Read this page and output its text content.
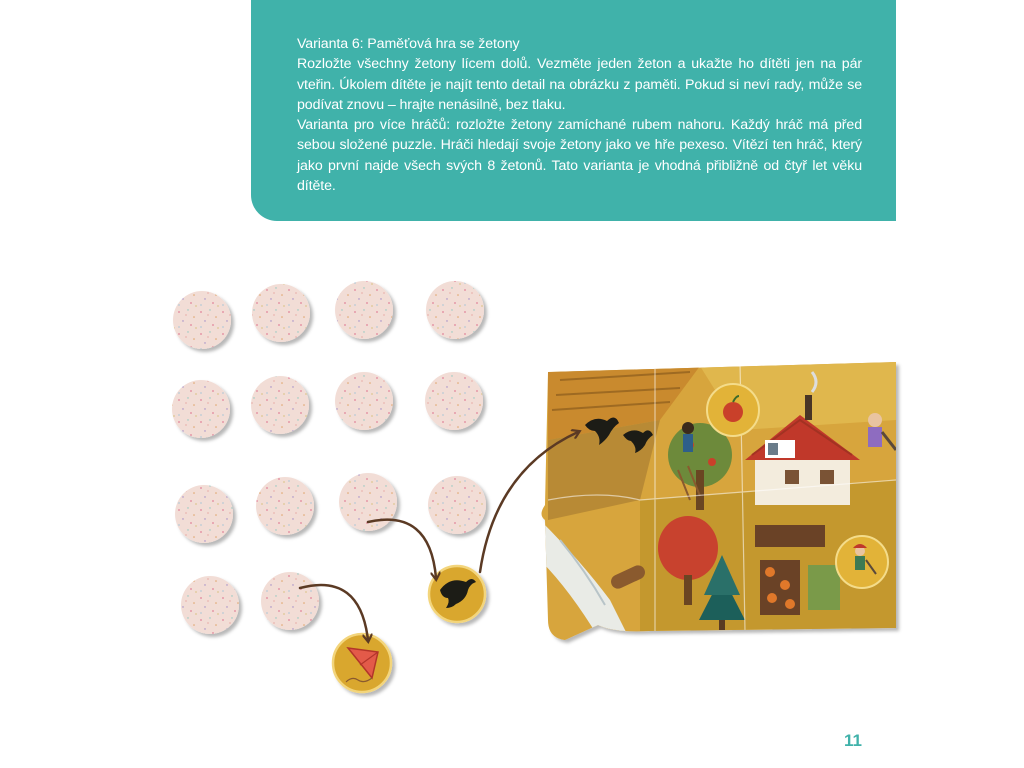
Varianta 6: Paměťová hra se žetony

Rozložte všechny žetony lícem dolů. Vezměte jeden žeton a ukažte ho dítěti jen na pár vteřin. Úkolem dítěte je najít tento detail na obrázku z paměti. Pokud si neví rady, může se podívat znovu – hrajte nenásilně, bez tlaku.

Varianta pro více hráčů: rozložte žetony zamíchané rubem nahoru. Každý hráč má před sebou složené puzzle. Hráči hledají svoje žetony jako ve hře pexeso. Vítězí ten hráč, který jako první najde všech svých 8 žetonů. Tato varianta je vhodná přibližně od čtyř let věku dítěte.

11
